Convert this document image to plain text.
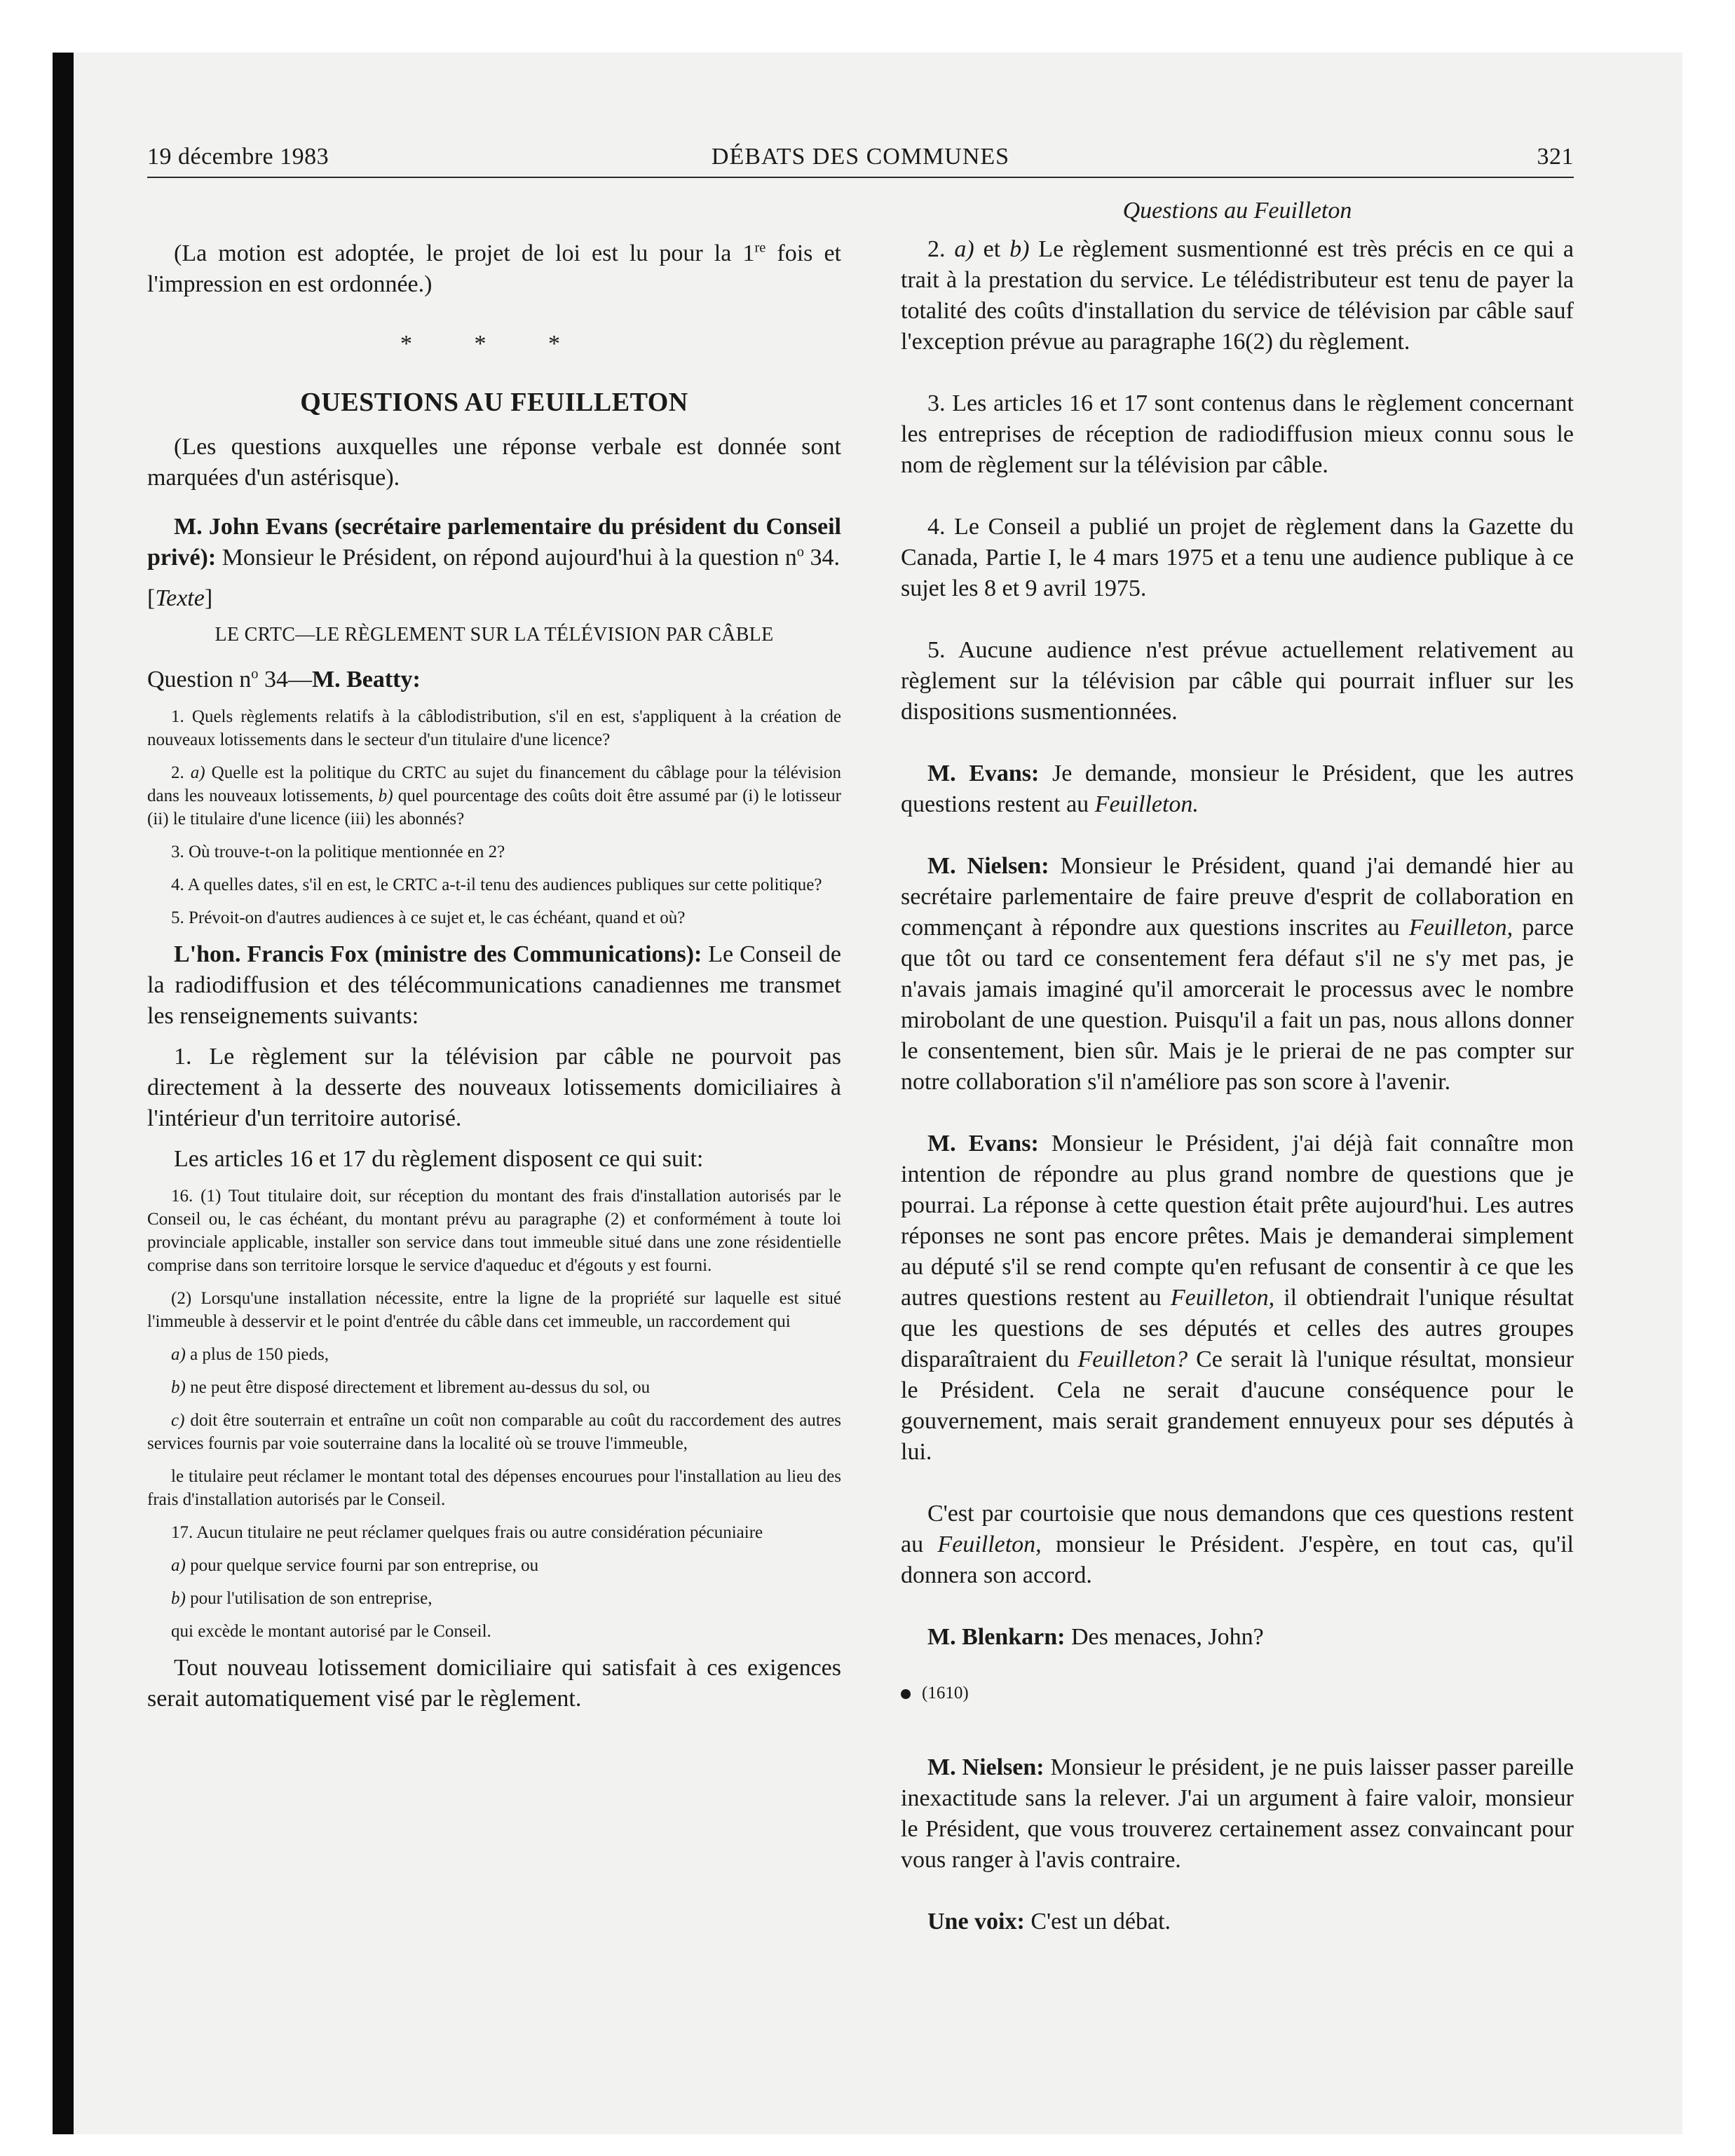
19 décembre 1983	DÉBATS DES COMMUNES	321

(La motion est adoptée, le projet de loi est lu pour la 1re fois et l'impression en est ordonnée.)

* * *

QUESTIONS AU FEUILLETON

(Les questions auxquelles une réponse verbale est donnée sont marquées d'un astérisque).

M. John Evans (secrétaire parlementaire du président du Conseil privé): Monsieur le Président, on répond aujourd'hui à la question $n^o$ 34.

[Texte]

LE CRTC—LE RÈGLEMENT SUR LA TÉLÉVISION PAR CÂBLE

Question $n^o$ 34—M. Beatty:

1. Quels règlements relatifs à la câblodistribution, s'il en est, s'appliquent à la création de nouveaux lotissements dans le secteur d'un titulaire d'une licence?

2. a) Quelle est la politique du CRTC au sujet du financement du câblage pour la télévision dans les nouveaux lotissements, b) quel pourcentage des coûts doit être assumé par (i) le lotisseur (ii) le titulaire d'une licence (iii) les abonnés?

3. Où trouve-t-on la politique mentionnée en 2?

4. A quelles dates, s'il en est, le CRTC a-t-il tenu des audiences publiques sur cette politique?

5. Prévoit-on d'autres audiences à ce sujet et, le cas échéant, quand et où?

L'hon. Francis Fox (ministre des Communications): Le Conseil de la radiodiffusion et des télécommunications canadiennes me transmet les renseignements suivants:

1. Le règlement sur la télévision par câble ne pourvoit pas directement à la desserte des nouveaux lotissements domiciliaires à l'intérieur d'un territoire autorisé.

Les articles 16 et 17 du règlement disposent ce qui suit:

16. (1) Tout titulaire doit, sur réception du montant des frais d'installation autorisés par le Conseil ou, le cas échéant, du montant prévu au paragraphe (2) et conformément à toute loi provinciale applicable, installer son service dans tout immeuble situé dans une zone résidentielle comprise dans son territoire lorsque le service d'aqueduc et d'égouts y est fourni.

(2) Lorsqu'une installation nécessite, entre la ligne de la propriété sur laquelle est situé l'immeuble à desservir et le point d'entrée du câble dans cet immeuble, un raccordement qui

a) a plus de 150 pieds,

b) ne peut être disposé directement et librement au-dessus du sol, ou

c) doit être souterrain et entraîne un coût non comparable au coût du raccordement des autres services fournis par voie souterraine dans la localité où se trouve l'immeuble,

le titulaire peut réclamer le montant total des dépenses encourues pour l'installation au lieu des frais d'installation autorisés par le Conseil.

17. Aucun titulaire ne peut réclamer quelques frais ou autre considération pécuniaire

a) pour quelque service fourni par son entreprise, ou

b) pour l'utilisation de son entreprise,

qui excède le montant autorisé par le Conseil.

Tout nouveau lotissement domiciliaire qui satisfait à ces exigences serait automatiquement visé par le règlement.

Questions au Feuilleton

2. a) et b) Le règlement susmentionné est très précis en ce qui a trait à la prestation du service. Le télédistributeur est tenu de payer la totalité des coûts d'installation du service de télévision par câble sauf l'exception prévue au paragraphe 16(2) du règlement.

3. Les articles 16 et 17 sont contenus dans le règlement concernant les entreprises de réception de radiodiffusion mieux connu sous le nom de règlement sur la télévision par câble.

4. Le Conseil a publié un projet de règlement dans la Gazette du Canada, Partie I, le 4 mars 1975 et a tenu une audience publique à ce sujet les 8 et 9 avril 1975.

5. Aucune audience n'est prévue actuellement relativement au règlement sur la télévision par câble qui pourrait influer sur les dispositions susmentionnées.

M. Evans: Je demande, monsieur le Président, que les autres questions restent au Feuilleton.

M. Nielsen: Monsieur le Président, quand j'ai demandé hier au secrétaire parlementaire de faire preuve d'esprit de collaboration en commençant à répondre aux questions inscrites au Feuilleton, parce que tôt ou tard ce consentement fera défaut s'il ne s'y met pas, je n'avais jamais imaginé qu'il amorcerait le processus avec le nombre mirobolant de une question. Puisqu'il a fait un pas, nous allons donner le consentement, bien sûr. Mais je le prierai de ne pas compter sur notre collaboration s'il n'améliore pas son score à l'avenir.

M. Evans: Monsieur le Président, j'ai déjà fait connaître mon intention de répondre au plus grand nombre de questions que je pourrai. La réponse à cette question était prête aujourd'hui. Les autres réponses ne sont pas encore prêtes. Mais je demanderai simplement au député s'il se rend compte qu'en refusant de consentir à ce que les autres questions restent au Feuilleton, il obtiendrait l'unique résultat que les questions de ses députés et celles des autres groupes disparaîtraient du Feuilleton? Ce serait là l'unique résultat, monsieur le Président. Cela ne serait d'aucune conséquence pour le gouvernement, mais serait grandement ennuyeux pour ses députés à lui.

C'est par courtoisie que nous demandons que ces questions restent au Feuilleton, monsieur le Président. J'espère, en tout cas, qu'il donnera son accord.

M. Blenkarn: Des menaces, John?

(1610)

M. Nielsen: Monsieur le président, je ne puis laisser passer pareille inexactitude sans la relever. J'ai un argument à faire valoir, monsieur le Président, que vous trouverez certainement assez convaincant pour vous ranger à l'avis contraire.

Une voix: C'est un débat.
